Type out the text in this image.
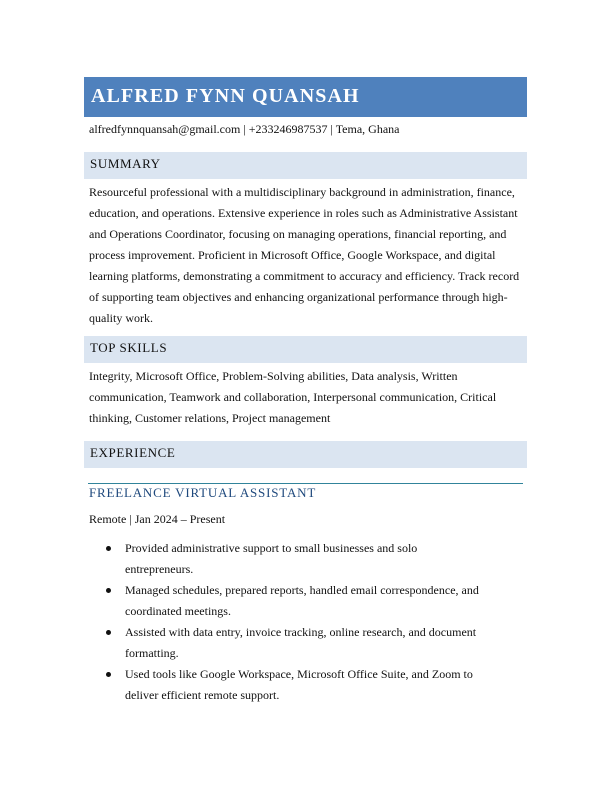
ALFRED FYNN QUANSAH
alfredfynnquansah@gmail.com | +233246987537 | Tema, Ghana
SUMMARY
Resourceful professional with a multidisciplinary background in administration, finance, education, and operations. Extensive experience in roles such as Administrative Assistant and Operations Coordinator, focusing on managing operations, financial reporting, and process improvement. Proficient in Microsoft Office, Google Workspace, and digital learning platforms, demonstrating a commitment to accuracy and efficiency. Track record of supporting team objectives and enhancing organizational performance through high-quality work.
TOP SKILLS
Integrity, Microsoft Office, Problem-Solving abilities, Data analysis, Written communication, Teamwork and collaboration, Interpersonal communication, Critical thinking, Customer relations, Project management
EXPERIENCE
FREELANCE VIRTUAL ASSISTANT
Remote | Jan 2024 – Present
Provided administrative support to small businesses and solo entrepreneurs.
Managed schedules, prepared reports, handled email correspondence, and coordinated meetings.
Assisted with data entry, invoice tracking, online research, and document formatting.
Used tools like Google Workspace, Microsoft Office Suite, and Zoom to deliver efficient remote support.
